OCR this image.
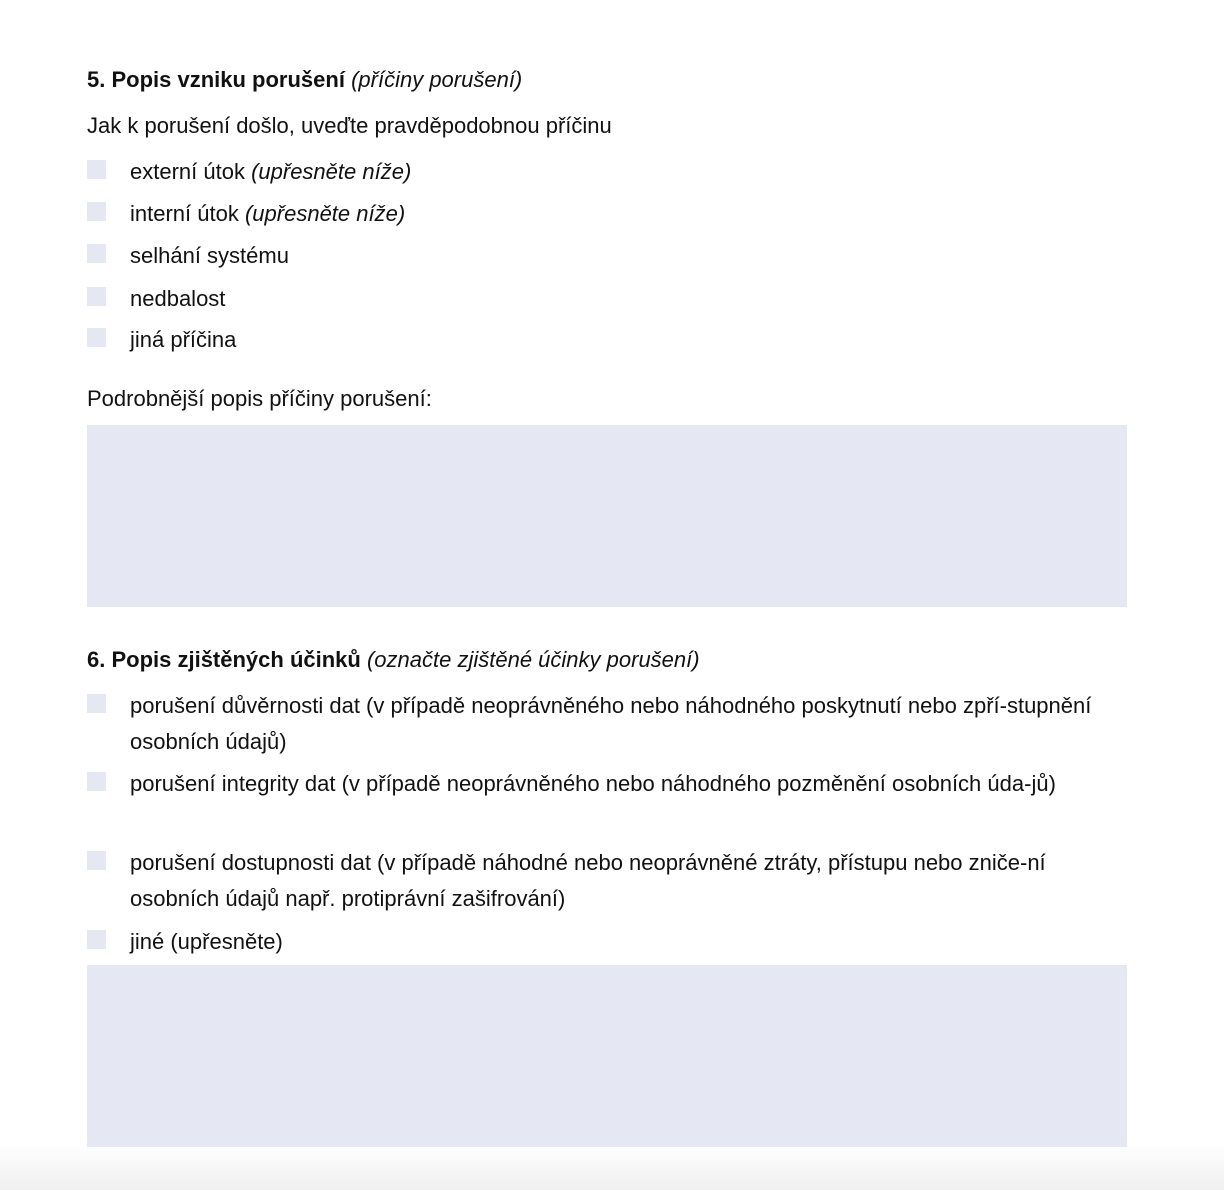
5. Popis vzniku porušení (příčiny porušení)
Jak k porušení došlo, uveďte pravděpodobnou příčinu
externí útok (upřesněte níže)
interní útok (upřesněte níže)
selhání systému
nedbalost
jiná příčina
Podrobnější popis příčiny porušení:
6. Popis zjištěných účinků (označte zjištěné účinky porušení)
porušení důvěrnosti dat (v případě neoprávněného nebo náhodného poskytnutí nebo zpří-stupnění osobních údajů)
porušení integrity dat (v případě neoprávněného nebo náhodného pozměnění osobních úda-jů)
porušení dostupnosti dat (v případě náhodné nebo neoprávněné ztráty, přístupu nebo zniče-ní osobních údajů např. protiprávní zašifrování)
jiné (upřesněte)
